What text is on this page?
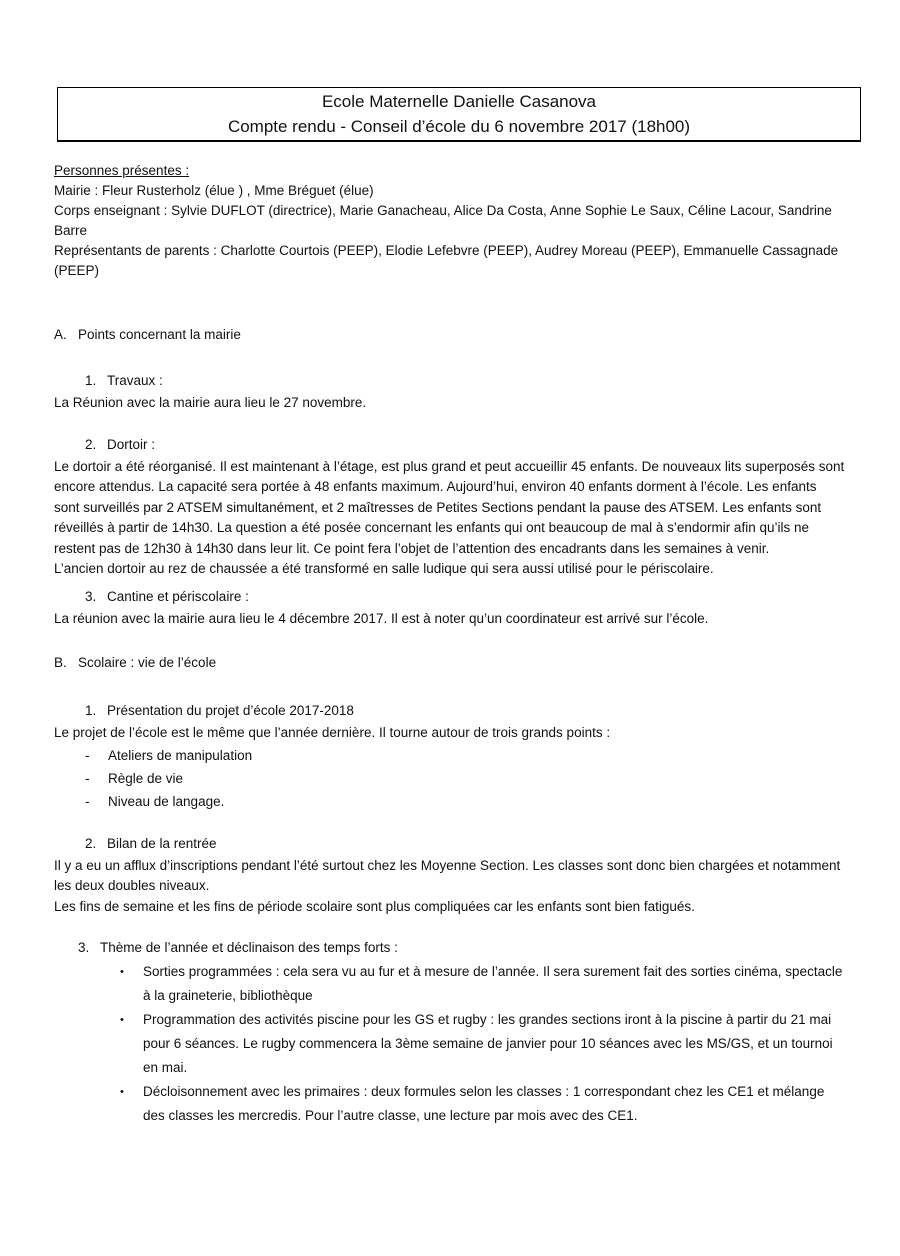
Ecole Maternelle Danielle Casanova
Compte rendu - Conseil d’école du 6 novembre 2017 (18h00)
Personnes présentes :
Mairie : Fleur Rusterholz (élue ) , Mme Bréguet (élue)
Corps enseignant : Sylvie DUFLOT (directrice), Marie Ganacheau, Alice Da Costa, Anne Sophie Le Saux, Céline Lacour, Sandrine Barre
Représentants de parents : Charlotte Courtois (PEEP), Elodie Lefebvre (PEEP), Audrey Moreau (PEEP), Emmanuelle Cassagnade (PEEP)
A. Points concernant la mairie
1. Travaux :

La Réunion avec la mairie aura lieu le 27 novembre.

2. Dortoir :

Le dortoir a été réorganisé. Il est maintenant à l’étage, est plus grand et peut accueillir 45 enfants. De nouveaux lits superposés sont encore attendus. La capacité sera portée à 48 enfants maximum. Aujourd’hui, environ 40 enfants dorment à l’école. Les enfants sont surveillés par 2 ATSEM simultanément, et 2 maîtresses de Petites Sections pendant la pause des ATSEM. Les enfants sont réveillés à partir de 14h30. La question a été posée concernant les enfants qui ont beaucoup de mal à s’endormir afin qu’ils ne restent pas de 12h30 à 14h30 dans leur lit. Ce point fera l’objet de l’attention des encadrants dans les semaines à venir.

L’ancien dortoir au rez de chaussée a été transformé en salle ludique qui sera aussi utilisé pour le périscolaire.

3. Cantine et périscolaire :

La réunion avec la mairie aura lieu le 4 décembre 2017. Il est à noter qu’un coordinateur est arrivé sur l’école.

B. Scolaire : vie de l’école
1. Présentation du projet d’école 2017-2018

Le projet de l’école est le même que l’année dernière. Il tourne autour de trois grands points :

-	Ateliers de manipulation
-	Règle de vie
-	Niveau de langage.
2. Bilan de la rentrée

Il y a eu un afflux d’inscriptions pendant l’été surtout chez les Moyenne Section. Les classes sont donc bien chargées et notamment les deux doubles niveaux.

Les fins de semaine et les fins de période scolaire sont plus compliquées car les enfants sont bien fatigués.

3. Thème de l’année et déclinaison des temps forts :
•	Sorties programmées : cela sera vu au fur et à mesure de l’année. Il sera surement fait des sorties cinéma, spectacle à la graineterie, bibliothèque
•	Programmation des activités piscine pour les GS et rugby : les grandes sections iront à la piscine à partir du 21 mai pour 6 séances. Le rugby commencera la 3ème semaine de janvier pour 10 séances avec les MS/GS, et un tournoi en mai.
•	Décloisonnement avec les primaires : deux formules selon les classes : 1 correspondant chez les CE1 et mélange des classes les mercredis. Pour l’autre classe, une lecture par mois avec des CE1.
